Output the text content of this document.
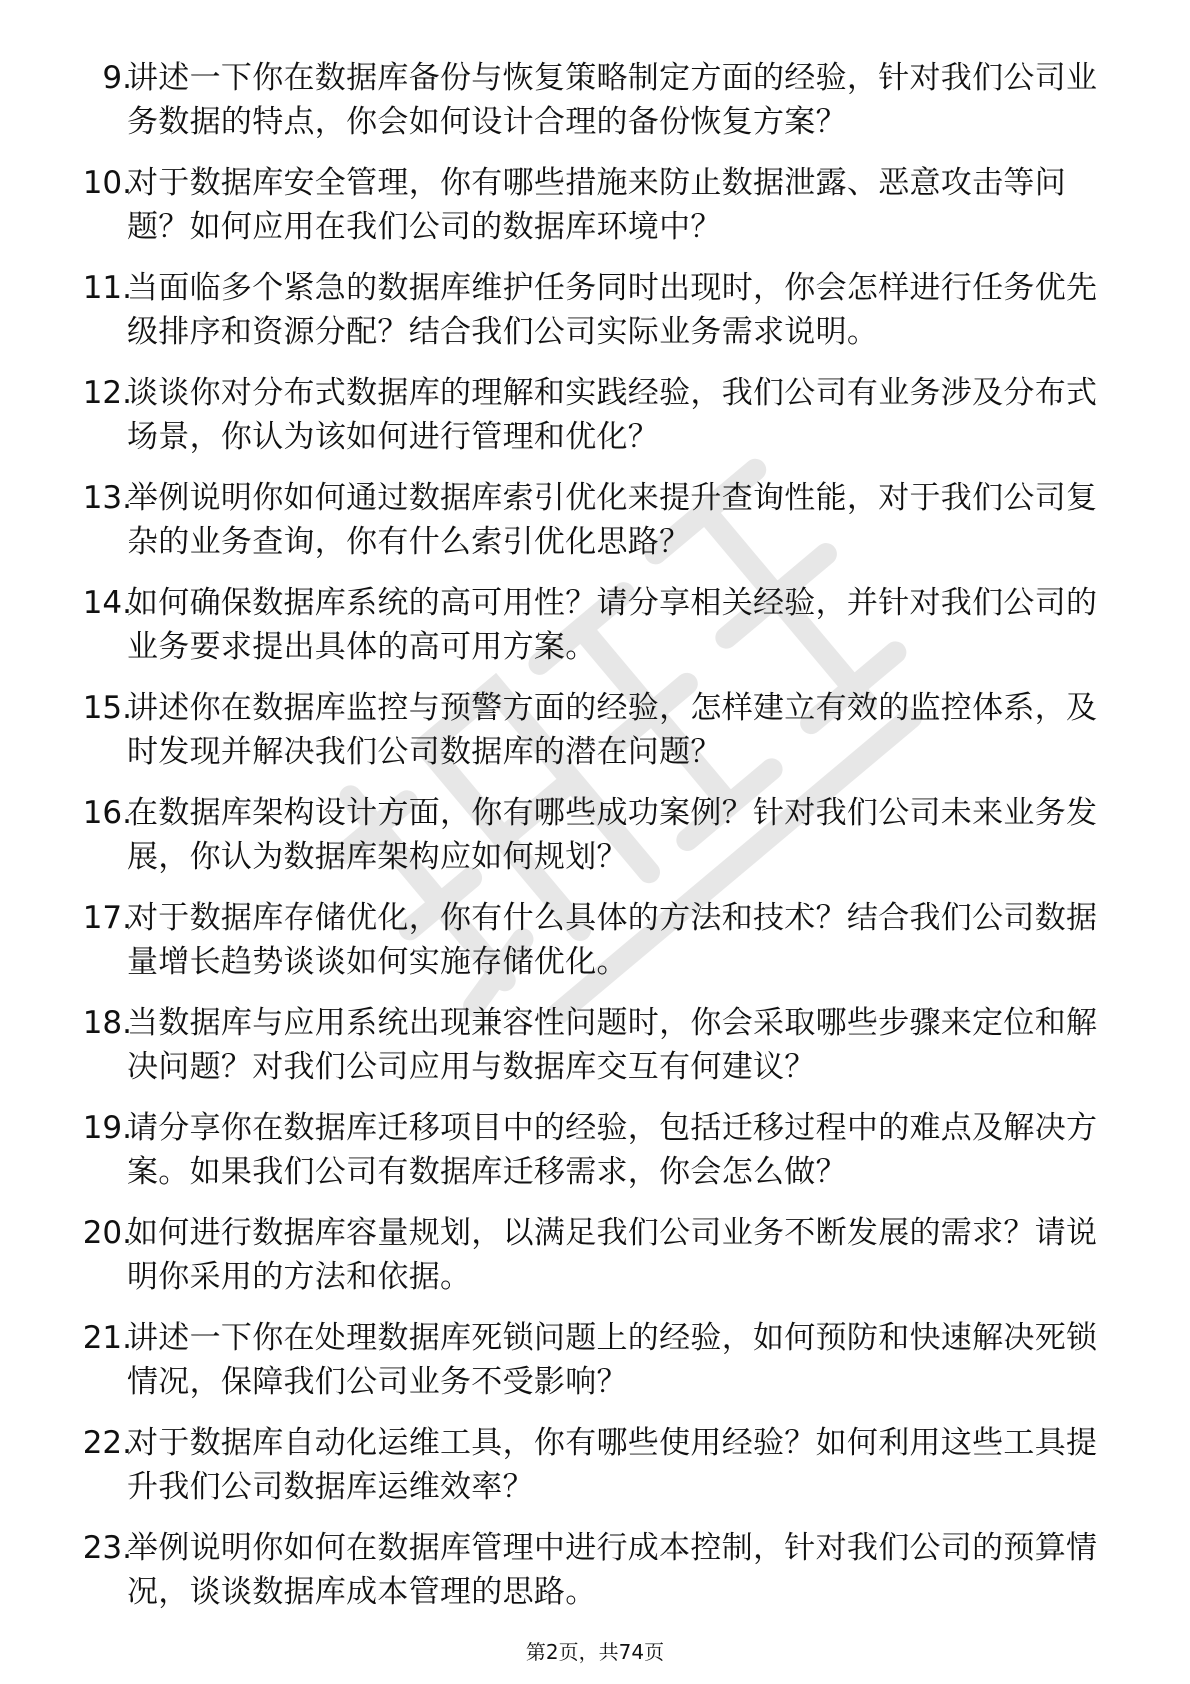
9.
讲述一下你在数据库备份与恢复策略制定方面的经验，针对我们公司业务数据的特点，你会如何设计合理的备份恢复方案？
10.
对于数据库安全管理，你有哪些措施来防止数据泄露、恶意攻击等问题？如何应用在我们公司的数据库环境中？
11.
当面临多个紧急的数据库维护任务同时出现时，你会怎样进行任务优先级排序和资源分配？结合我们公司实际业务需求说明。
12.
谈谈你对分布式数据库的理解和实践经验，我们公司有业务涉及分布式场景，你认为该如何进行管理和优化？
13.
举例说明你如何通过数据库索引优化来提升查询性能，对于我们公司复杂的业务查询，你有什么索引优化思路？
14.
如何确保数据库系统的高可用性？请分享相关经验，并针对我们公司的业务要求提出具体的高可用方案。
15.
讲述你在数据库监控与预警方面的经验，怎样建立有效的监控体系，及时发现并解决我们公司数据库的潜在问题？
16.
在数据库架构设计方面，你有哪些成功案例？针对我们公司未来业务发展，你认为数据库架构应如何规划？
17.
对于数据库存储优化，你有什么具体的方法和技术？结合我们公司数据量增长趋势谈谈如何实施存储优化。
18.
当数据库与应用系统出现兼容性问题时，你会采取哪些步骤来定位和解决问题？对我们公司应用与数据库交互有何建议？
19.
请分享你在数据库迁移项目中的经验，包括迁移过程中的难点及解决方案。如果我们公司有数据库迁移需求，你会怎么做？
20.
如何进行数据库容量规划，以满足我们公司业务不断发展的需求？请说明你采用的方法和依据。
21.
讲述一下你在处理数据库死锁问题上的经验，如何预防和快速解决死锁情况，保障我们公司业务不受影响？
22.
对于数据库自动化运维工具，你有哪些使用经验？如何利用这些工具提升我们公司数据库运维效率？
23.
举例说明你如何在数据库管理中进行成本控制，针对我们公司的预算情况，谈谈数据库成本管理的思路。
第2页，共74页
